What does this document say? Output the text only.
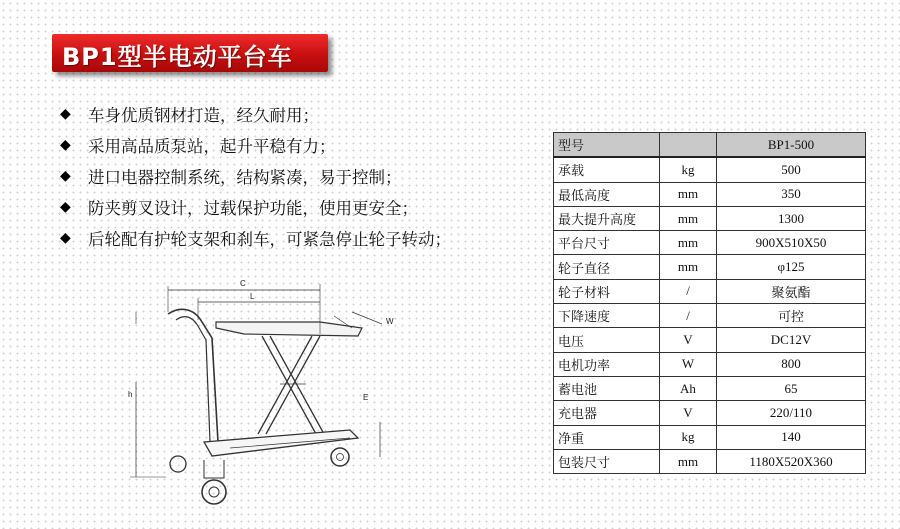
BP1型半电动平台车
◆	车身优质钢材打造，经久耐用；
◆	采用高品质泵站，起升平稳有力；
◆	进口电器控制系统，结构紧凑，易于控制；
◆	防夹剪叉设计，过载保护功能，使用更安全；
◆	后轮配有护轮支架和刹车，可紧急停止轮子转动；
型号		BP1-500
承载	kg	500
最低高度	mm	350
最大提升高度	mm	1300
平台尺寸	mm	900X510X50
轮子直径	mm	φ125
轮子材料	/	聚氨酯
下降速度	/	可控
电压	V	DC12V
电机功率	W	800
蓄电池	Ah	65
充电器	V	220/110
净重	kg	140
包装尺寸	mm	1180X520X360
C
L
W
h	E
